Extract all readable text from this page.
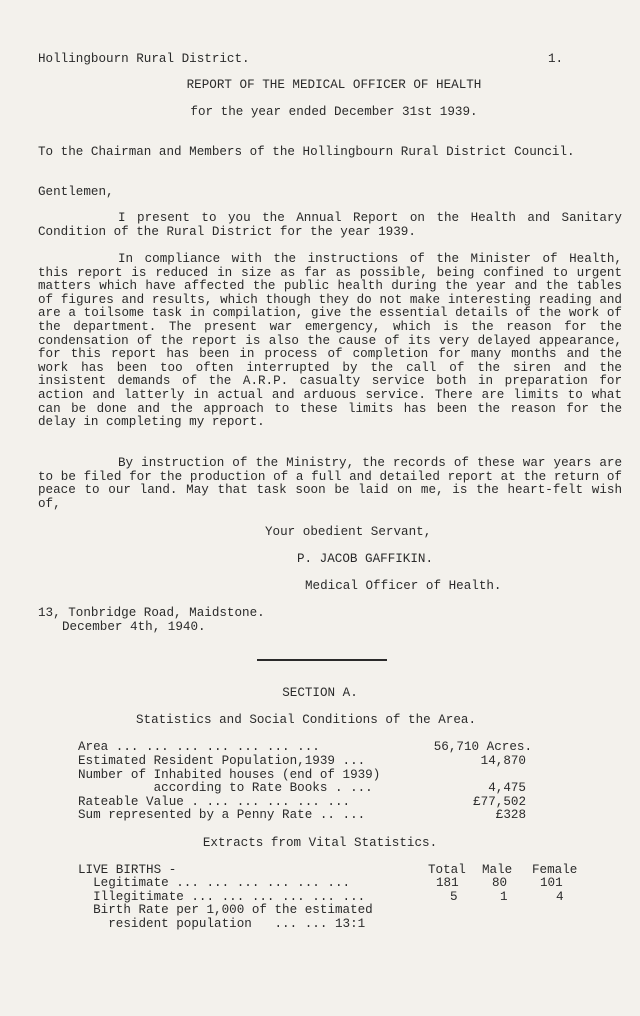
Hollingbourn Rural District.	1.
REPORT OF THE MEDICAL OFFICER OF HEALTH
for the year ended December 31st 1939.
To the Chairman and Members of the Hollingbourn Rural District Council.
Gentlemen,

I present to you the Annual Report on the Health and Sanitary Condition of the Rural District for the year 1939.

In compliance with the instructions of the Minister of Health, this report is reduced in size as far as possible, being confined to urgent matters which have affected the public health during the year and the tables of figures and results, which though they do not make interesting reading and are a toilsome task in compilation, give the essential details of the work of the department. The present war emergency, which is the reason for the condensation of the report is also the cause of its very delayed appearance, for this report has been in process of completion for many months and the work has been too often interrupted by the call of the siren and the insistent demands of the A.R.P. casualty service both in preparation for action and latterly in actual and arduous service. There are limits to what can be done and the approach to these limits has been the reason for the delay in completing my report.

By instruction of the Ministry, the records of these war years are to be filed for the production of a full and detailed report at the return of peace to our land. May that task soon be laid on me, is the heart-felt wish of,

Your obedient Servant,
P. JACOB GAFFIKIN.
Medical Officer of Health.
13, Tonbridge Road, Maidstone.
December 4th, 1940.
SECTION A.
Statistics and Social Conditions of the Area.
Area ... ... ... ... ... ... ...	56,710 Acres.
Estimated Resident Population,1939 ...	14,870
Number of Inhabited houses (end of 1939)
according to Rate Books . ...	4,475
Rateable Value . ... ... ... ... ...	£77,502
Sum represented by a Penny Rate .. ...	£328
Extracts from Vital Statistics.
LIVE BIRTHS -	Total Male Female
Legitimate ... ... ... ... ... ...	181	80	101
Illegitimate ... ... ... ... ... ...	5	1	4
Birth Rate per 1,000 of the estimated
resident population   ... ... 13:1
